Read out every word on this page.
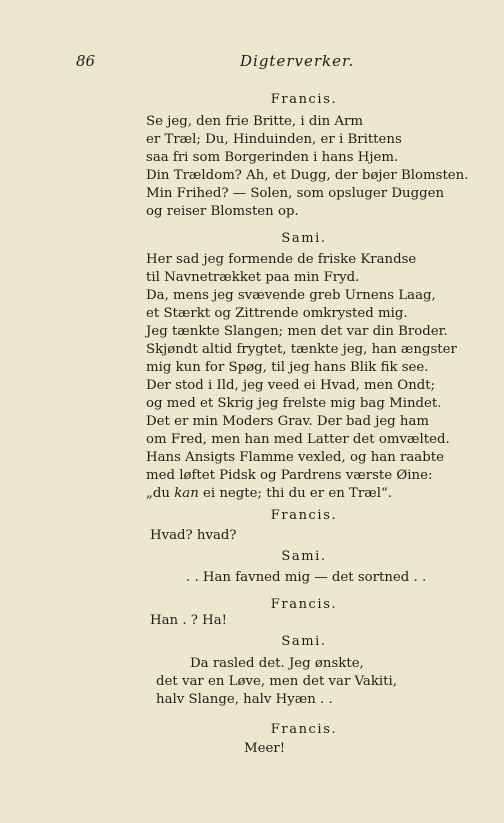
86	Digterverker.
Francis.
Se jeg, den frie Britte, i din Arm
er Træl; Du, Hinduinden, er i Brittens
saa fri som Borgerinden i hans Hjem.
Din Trældom? Ah, et Dugg, der bøjer Blomsten.
Min Frihed? — Solen, som opsluger Duggen
og reiser Blomsten op.
Sami.
Her sad jeg formende de friske Krandse
til Navnetrækket paa min Fryd.
Da, mens jeg svævende greb Urnens Laag,
et Stærkt og Zittrende omkrysted mig.
Jeg tænkte Slangen; men det var din Broder.
Skjøndt altid frygtet, tænkte jeg, han ængster
mig kun for Spøg, til jeg hans Blik fik see.
Der stod i Ild, jeg veed ei Hvad, men Ondt;
og med et Skrig jeg frelste mig bag Mindet.
Det er min Moders Grav. Der bad jeg ham
om Fred, men han med Latter det omvælted.
Hans Ansigts Flamme vexled, og han raabte
med løftet Pidsk og Pardrens værste Øine:
„du kan ei negte; thi du er en Træl“.
Francis.
Hvad? hvad?
Sami.
. . Han favned mig — det sortned . .
Francis.
Han . ? Ha!
Sami.
Da rasled det. Jeg ønskte,
det var en Løve, men det var Vakiti,
halv Slange, halv Hyæn . .
Francis.
Meer!
